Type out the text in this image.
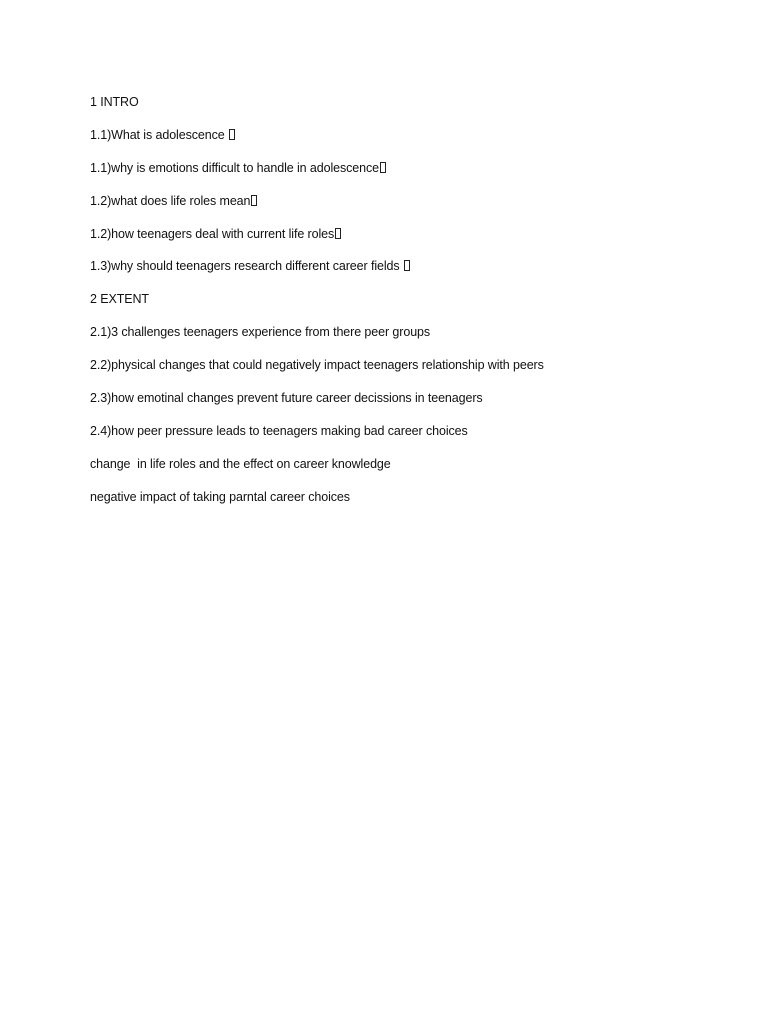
1 INTRO
1.1)What is adolescence
1.1)why is emotions difficult to handle in adolescence
1.2)what does life roles mean
1.2)how teenagers deal with current life roles
1.3)why should teenagers research different career fields
2 EXTENT
2.1)3 challenges teenagers experience from there peer groups
2.2)physical changes that could negatively impact teenagers relationship with peers
2.3)how emotinal changes prevent future career decissions in teenagers
2.4)how peer pressure leads to teenagers making bad career choices
change  in life roles and the effect on career knowledge
negative impact of taking parntal career choices
